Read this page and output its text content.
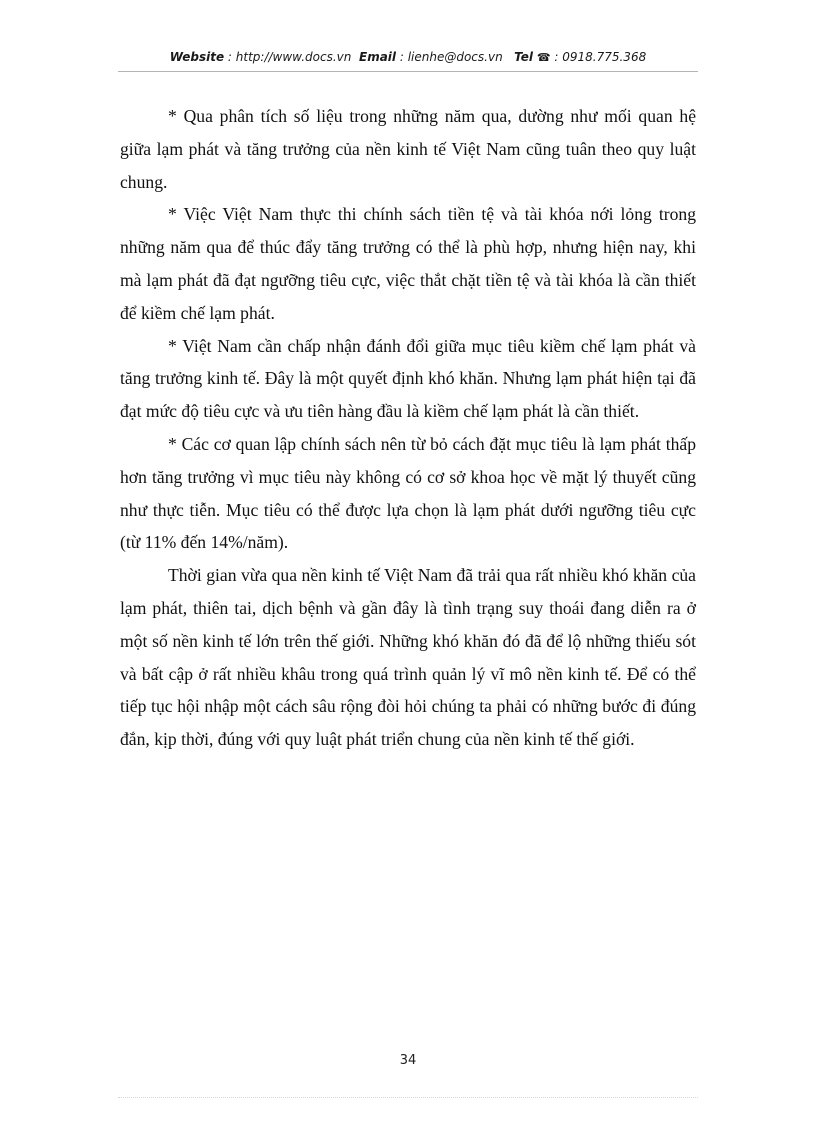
Website : http://www.docs.vn Email : lienhe@docs.vn Tel ☎ : 0918.775.368

* Qua phân tích số liệu trong những năm qua, dường như mối quan hệ giữa lạm phát và tăng trưởng của nền kinh tế Việt Nam cũng tuân theo quy luật chung.

* Việc Việt Nam thực thi chính sách tiền tệ và tài khóa nới lỏng trong những năm qua để thúc đẩy tăng trưởng có thể là phù hợp, nhưng hiện nay, khi mà lạm phát đã đạt ngưỡng tiêu cực, việc thắt chặt tiền tệ và tài khóa là cần thiết để kiềm chế lạm phát.

* Việt Nam cần chấp nhận đánh đổi giữa mục tiêu kiềm chế lạm phát và tăng trưởng kinh tế. Đây là một quyết định khó khăn. Nhưng lạm phát hiện tại đã đạt mức độ tiêu cực và ưu tiên hàng đầu là kiềm chế lạm phát là cần thiết.

* Các cơ quan lập chính sách nên từ bỏ cách đặt mục tiêu là lạm phát thấp hơn tăng trưởng vì mục tiêu này không có cơ sở khoa học về mặt lý thuyết cũng như thực tiễn. Mục tiêu có thể được lựa chọn là lạm phát dưới ngưỡng tiêu cực (từ 11% đến 14%/năm).

Thời gian vừa qua nền kinh tế Việt Nam đã trải qua rất nhiều khó khăn của lạm phát, thiên tai, dịch bệnh và gần đây là tình trạng suy thoái đang diễn ra ở một số nền kinh tế lớn trên thế giới. Những khó khăn đó đã để lộ những thiếu sót và bất cập ở rất nhiều khâu trong quá trình quản lý vĩ mô nền kinh tế. Để có thể tiếp tục hội nhập một cách sâu rộng đòi hỏi chúng ta phải có những bước đi đúng đắn, kịp thời, đúng với quy luật phát triển chung của nền kinh tế thế giới.

34
